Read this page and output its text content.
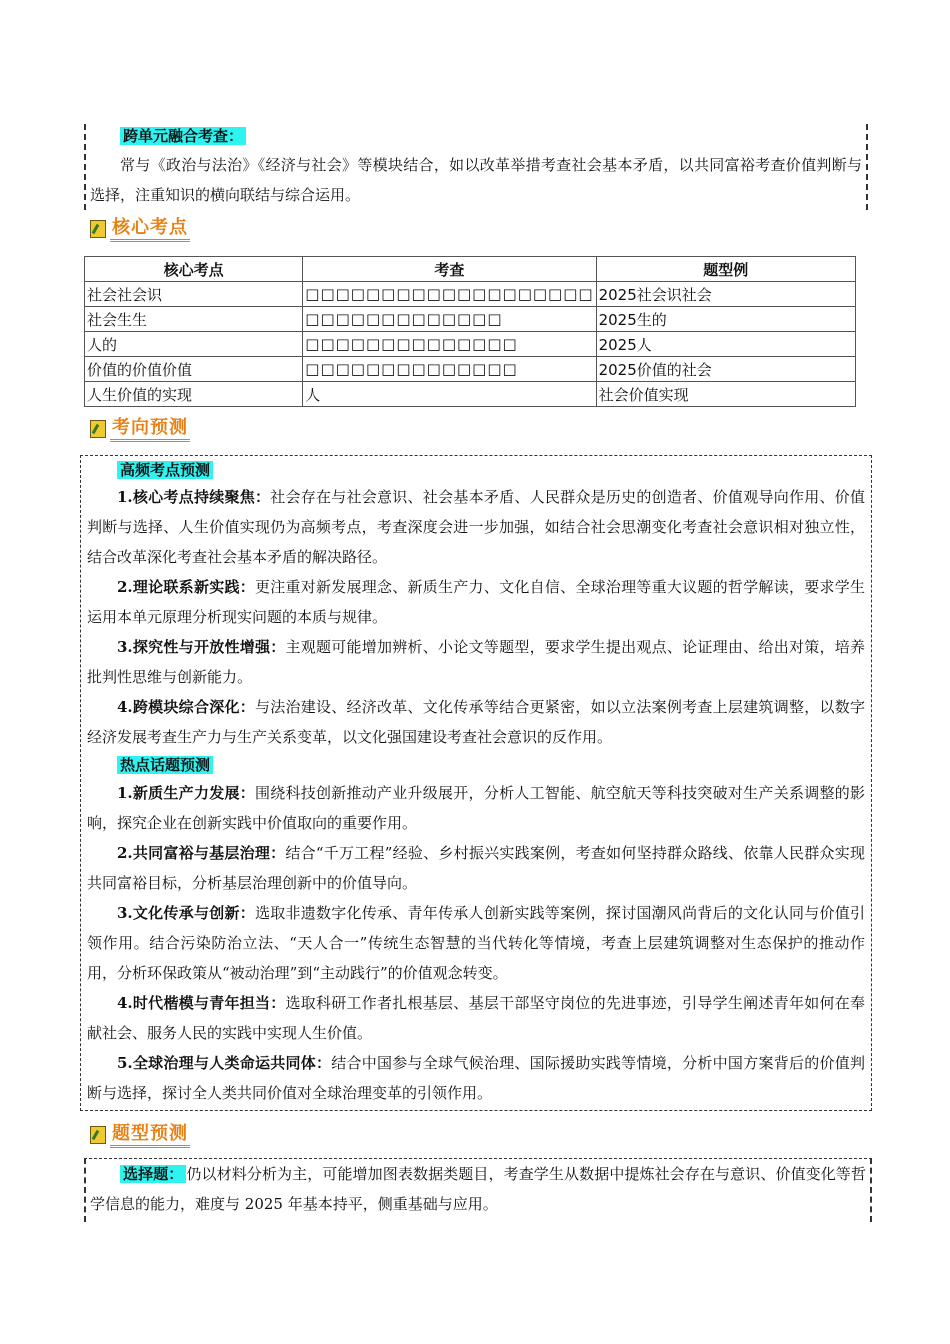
跨单元融合考查：

常与《政治与法治》《经济与社会》等模块结合，如以改革举措考查社会基本矛盾，以共同富裕考查价值判断与选择，注重知识的横向联结与综合运用。

核心考点
核心考点	考查	题型例
社会社会识	□□□□□□□□□□□□□□□□□□□	2025社会识社会
社会生生	□□□□□□□□□□□□□	2025生的
人的	□□□□□□□□□□□□□□	2025人
价值的价值价值	□□□□□□□□□□□□□□	2025价值的社会
人生价值的实现	人	社会价值实现
考向预测
高频考点预测

1.核心考点持续聚焦：社会存在与社会意识、社会基本矛盾、人民群众是历史的创造者、价值观导向作用、价值判断与选择、人生价值实现仍为高频考点，考查深度会进一步加强，如结合社会思潮变化考查社会意识相对独立性，结合改革深化考查社会基本矛盾的解决路径。

2.理论联系新实践：更注重对新发展理念、新质生产力、文化自信、全球治理等重大议题的哲学解读，要求学生运用本单元原理分析现实问题的本质与规律。

3.探究性与开放性增强：主观题可能增加辨析、小论文等题型，要求学生提出观点、论证理由、给出对策，培养批判性思维与创新能力。

4.跨模块综合深化：与法治建设、经济改革、文化传承等结合更紧密，如以立法案例考查上层建筑调整，以数字经济发展考查生产力与生产关系变革，以文化强国建设考查社会意识的反作用。

热点话题预测

1.新质生产力发展：围绕科技创新推动产业升级展开，分析人工智能、航空航天等科技突破对生产关系调整的影响，探究企业在创新实践中价值取向的重要作用。

2.共同富裕与基层治理：结合“千万工程”经验、乡村振兴实践案例，考查如何坚持群众路线、依靠人民群众实现共同富裕目标，分析基层治理创新中的价值导向。

3.文化传承与创新：选取非遗数字化传承、青年传承人创新实践等案例，探讨国潮风尚背后的文化认同与价值引领作用。结合污染防治立法、“天人合一”传统生态智慧的当代转化等情境，考查上层建筑调整对生态保护的推动作用，分析环保政策从“被动治理”到“主动践行”的价值观念转变。

4.时代楷模与青年担当：选取科研工作者扎根基层、基层干部坚守岗位的先进事迹，引导学生阐述青年如何在奉献社会、服务人民的实践中实现人生价值。

5.全球治理与人类命运共同体：结合中国参与全球气候治理、国际援助实践等情境，分析中国方案背后的价值判断与选择，探讨全人类共同价值对全球治理变革的引领作用。

题型预测

选择题： 仍以材料分析为主，可能增加图表数据类题目，考查学生从数据中提炼社会存在与意识、价值变化等哲学信息的能力，难度与 2025 年基本持平，侧重基础与应用。
